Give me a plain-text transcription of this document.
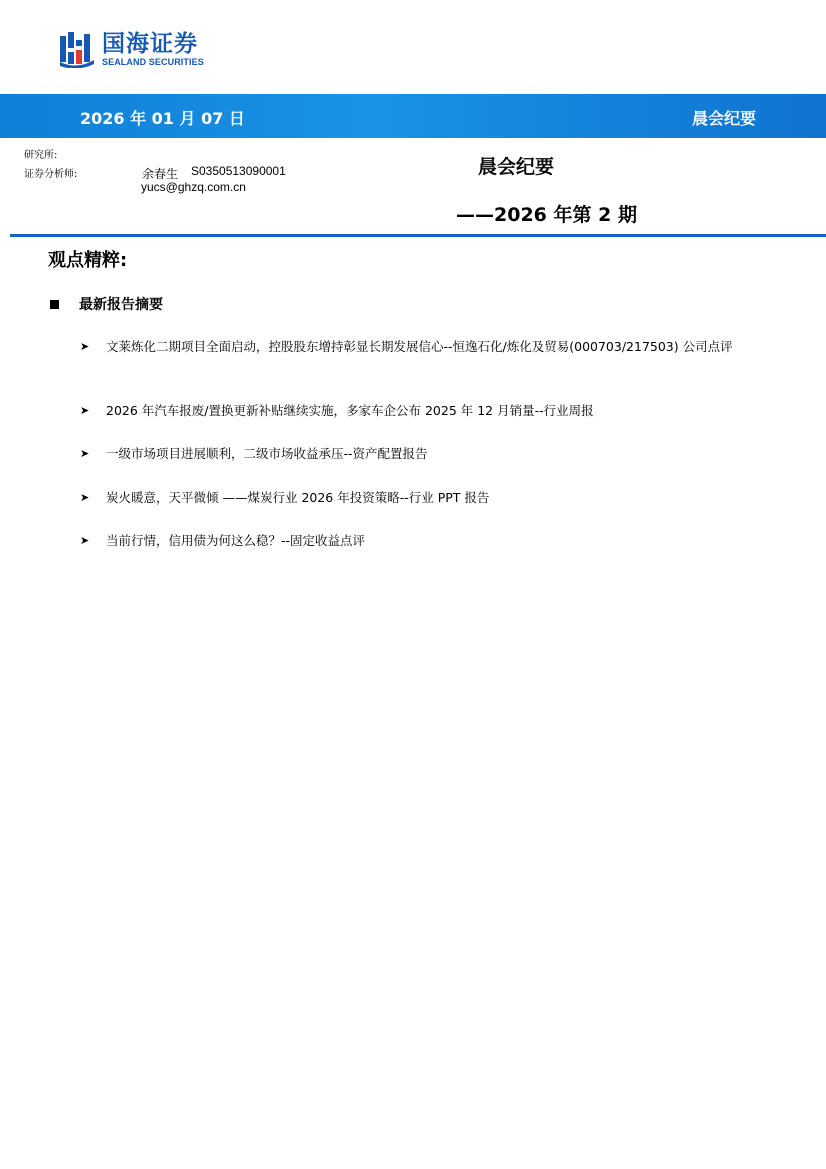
国海证券
SEALAND SECURITIES
2026 年 01 月 07 日	晨会纪要
研究所:
证券分析师:	余春生 S0350513090001
yucs@ghzq.com.cn
晨会纪要
——2026 年第 2 期
观点精粹:
最新报告摘要
➤	文莱炼化二期项目全面启动，控股股东增持彰显长期发展信心--恒逸石化/炼化及贸易(000703/217503) 公司点评
➤	2026 年汽车报废/置换更新补贴继续实施，多家车企公布 2025 年 12 月销量--行业周报
➤	一级市场项目进展顺利，二级市场收益承压--资产配置报告
➤	炭火暖意，天平微倾 ——煤炭行业 2026 年投资策略--行业 PPT 报告
➤	当前行情，信用债为何这么稳？--固定收益点评
